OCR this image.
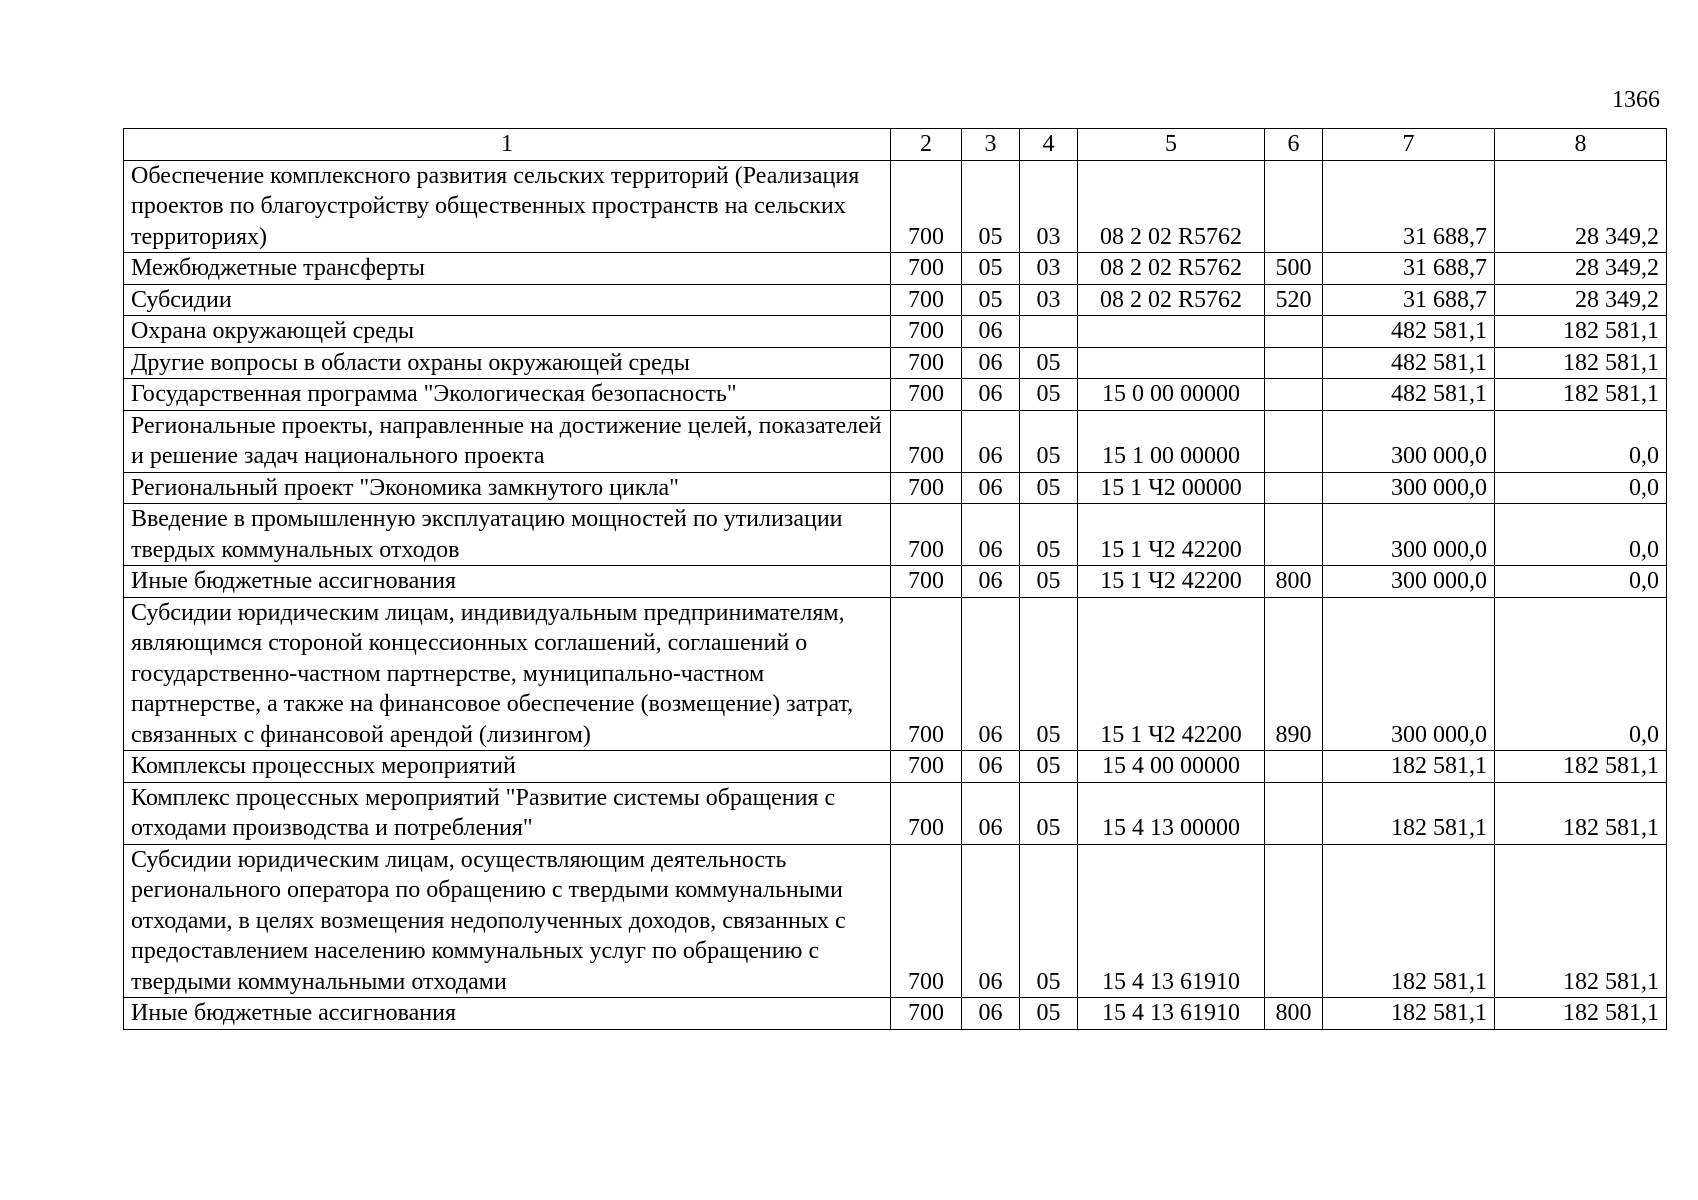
1366
1	2	3	4	5	6	7	8
Обеспечение комплексного развития сельских территорий (Реализация проектов по благоустройству общественных пространств на сельских территориях)	700	05	03	08 2 02 R5762		31 688,7	28 349,2
Межбюджетные трансферты	700	05	03	08 2 02 R5762	500	31 688,7	28 349,2
Субсидии	700	05	03	08 2 02 R5762	520	31 688,7	28 349,2
Охрана окружающей среды	700	06				482 581,1	182 581,1
Другие вопросы в области охраны окружающей среды	700	06	05			482 581,1	182 581,1
Государственная программа "Экологическая безопасность"	700	06	05	15 0 00 00000		482 581,1	182 581,1
Региональные проекты, направленные на достижение целей, показателей и решение задач национального проекта	700	06	05	15 1 00 00000		300 000,0	0,0
Региональный проект "Экономика замкнутого цикла"	700	06	05	15 1 Ч2 00000		300 000,0	0,0
Введение в промышленную эксплуатацию мощностей по утилизации твердых коммунальных отходов	700	06	05	15 1 Ч2 42200		300 000,0	0,0
Иные бюджетные ассигнования	700	06	05	15 1 Ч2 42200	800	300 000,0	0,0
Субсидии юридическим лицам, индивидуальным предпринимателям, являющимся стороной концессионных соглашений, соглашений о государственно-частном партнерстве, муниципально-частном партнерстве, а также на финансовое обеспечение (возмещение) затрат, связанных с финансовой арендой (лизингом)	700	06	05	15 1 Ч2 42200	890	300 000,0	0,0
Комплексы процессных мероприятий	700	06	05	15 4 00 00000		182 581,1	182 581,1
Комплекс процессных мероприятий "Развитие системы обращения с отходами производства и потребления"	700	06	05	15 4 13 00000		182 581,1	182 581,1
Субсидии юридическим лицам, осуществляющим деятельность регионального оператора по обращению с твердыми коммунальными отходами, в целях возмещения недополученных доходов, связанных с предоставлением населению коммунальных услуг по обращению с твердыми коммунальными отходами	700	06	05	15 4 13 61910		182 581,1	182 581,1
Иные бюджетные ассигнования	700	06	05	15 4 13 61910	800	182 581,1	182 581,1
